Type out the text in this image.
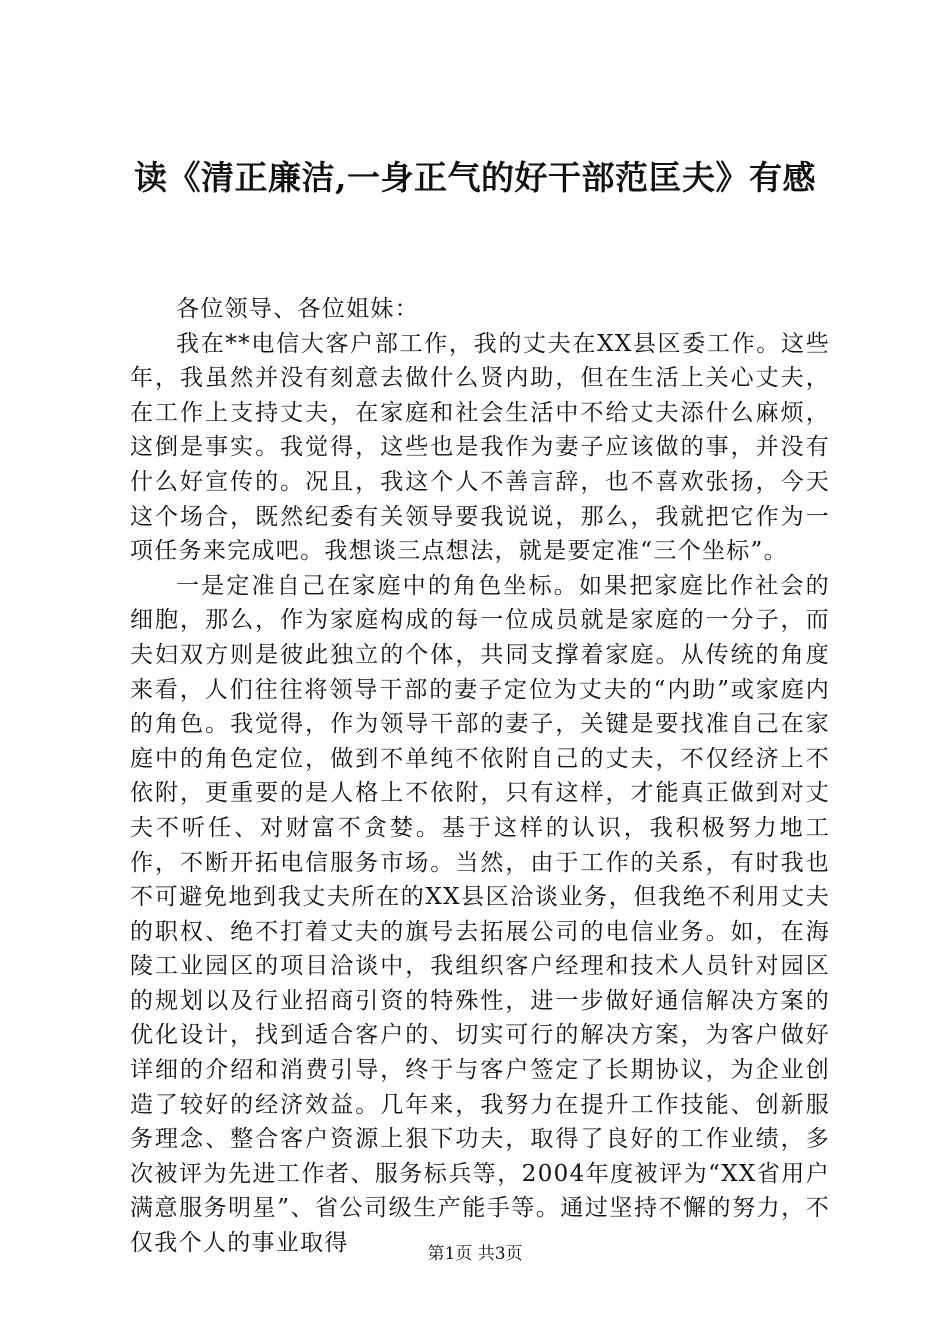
读《清正廉洁,一身正气的好干部范匡夫》有感

各位领导、各位姐妹：

我在**电信大客户部工作，我的丈夫在XX县区委工作。这些年，我虽然并没有刻意去做什么贤内助，但在生活上关心丈夫，在工作上支持丈夫，在家庭和社会生活中不给丈夫添什么麻烦，这倒是事实。我觉得，这些也是我作为妻子应该做的事，并没有什么好宣传的。况且，我这个人不善言辞，也不喜欢张扬，今天这个场合，既然纪委有关领导要我说说，那么，我就把它作为一项任务来完成吧。我想谈三点想法，就是要定准“三个坐标”。

一是定准自己在家庭中的角色坐标。如果把家庭比作社会的细胞，那么，作为家庭构成的每一位成员就是家庭的一分子，而夫妇双方则是彼此独立的个体，共同支撑着家庭。从传统的角度来看，人们往往将领导干部的妻子定位为丈夫的“内助”或家庭内的角色。我觉得，作为领导干部的妻子，关键是要找准自己在家庭中的角色定位，做到不单纯不依附自己的丈夫，不仅经济上不依附，更重要的是人格上不依附，只有这样，才能真正做到对丈夫不听任、对财富不贪婪。基于这样的认识，我积极努力地工作，不断开拓电信服务市场。当然，由于工作的关系，有时我也不可避免地到我丈夫所在的XX县区洽谈业务，但我绝不利用丈夫的职权、绝不打着丈夫的旗号去拓展公司的电信业务。如，在海陵工业园区的项目洽谈中，我组织客户经理和技术人员针对园区的规划以及行业招商引资的特殊性，进一步做好通信解决方案的优化设计，找到适合客户的、切实可行的解决方案，为客户做好详细的介绍和消费引导，终于与客户签定了长期协议，为企业创造了较好的经济效益。几年来，我努力在提升工作技能、创新服务理念、整合客户资源上狠下功夫，取得了良好的工作业绩，多次被评为先进工作者、服务标兵等，2004年度被评为“XX省用户满意服务明星”、省公司级生产能手等。通过坚持不懈的努力，不仅我个人的事业取得	第1页 共3页
